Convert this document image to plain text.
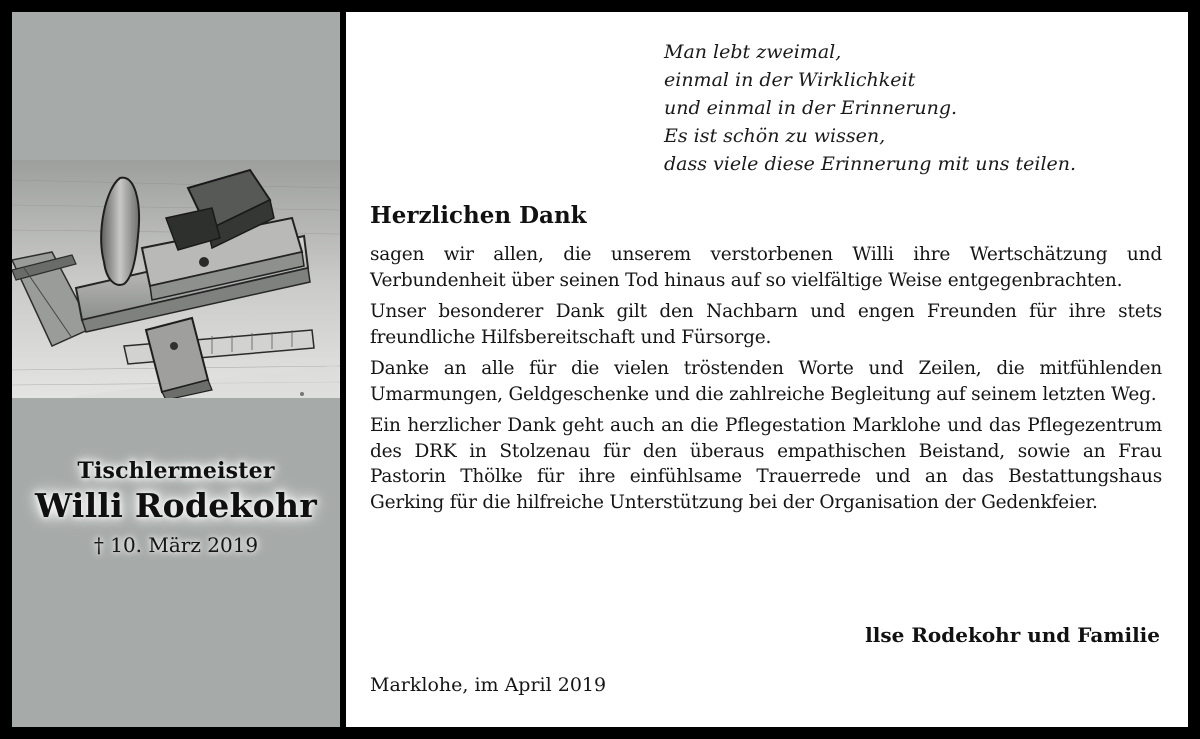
Tischlermeister
Willi Rodekohr
† 10. März 2019
Man lebt zweimal,
einmal in der Wirklichkeit
und einmal in der Erinnerung.
Es ist schön zu wissen,
dass viele diese Erinnerung mit uns teilen.
Herzlichen Dank

sagen wir allen, die unserem verstorbenen Willi ihre Wertschätzung und Verbundenheit über seinen Tod hinaus auf so vielfältige Weise entgegenbrachten.

Unser besonderer Dank gilt den Nachbarn und engen Freunden für ihre stets freundliche Hilfsbereitschaft und Fürsorge.

Danke an alle für die vielen tröstenden Worte und Zeilen, die mitfühlenden Umarmungen, Geldgeschenke und die zahlreiche Begleitung auf seinem letzten Weg.

Ein herzlicher Dank geht auch an die Pflegestation Marklohe und das Pflegezentrum des DRK in Stolzenau für den überaus empathischen Beistand, sowie an Frau Pastorin Thölke für ihre einfühlsame Trauerrede und an das Bestattungshaus Gerking für die hilfreiche Unterstützung bei der Organisation der Gedenkfeier.

llse Rodekohr und Familie
Marklohe, im April 2019
